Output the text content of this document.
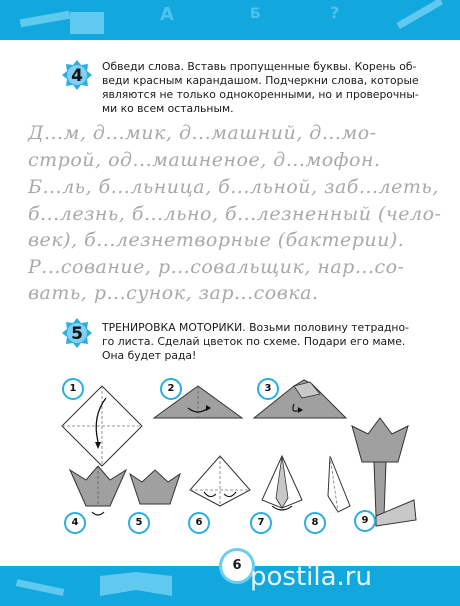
A	Б	?
4	Обведи слова. Вставь пропущенные буквы. Корень об-
веди красным карандашом. Подчеркни слова, которые
являются не только однокоренными, но и проверочны-
ми ко всем остальным.
Д...м, д...мик, д...машний, д...мо-
строй, од...машненое, д...мофон.
Б...ль, б...льница, б...льной, заб...леть,
б...лезнь, б...льно, б...лезненный (чело-
век), б...лезнетворные (бактерии).
Р...сование, р...совальщик, нар...со-
вать, р...сунок, зар...совка.
5	ТРЕНИРОВКА МОТОРИКИ. Возьми половину тетрадно-
го листа. Сделай цветок по схеме. Подари его маме.
Она будет рада!
1	2	3
4	5	6	7	8	9
6 postila.ru
